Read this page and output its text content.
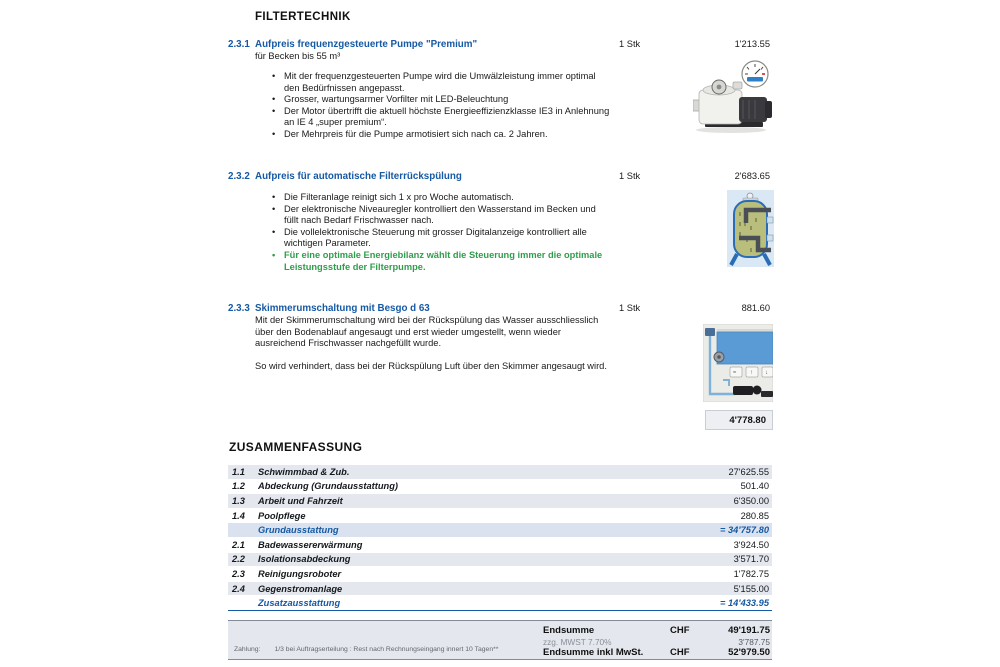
FILTERTECHNIK
2.3.1 Aufpreis frequenzgesteuerte Pumpe "Premium"
für Becken bis 55 m³
1 Stk	1'213.55
• Mit der frequenzgesteuerten Pumpe wird die Umwälzleistung immer optimal den Bedürfnissen angepasst.
• Grosser, wartungsarmer Vorfilter mit LED-Beleuchtung
• Der Motor übertrifft die aktuell höchste Energieeffizienzklasse IE3 in Anlehnung an IE 4 „super premium“.
• Der Mehrpreis für die Pumpe armotisiert sich nach ca. 2 Jahren.
2.3.2 Aufpreis für automatische Filterrückspülung	1 Stk	2'683.65
• Die Filteranlage reinigt sich 1 x pro Woche automatisch.
• Der elektronische Niveauregler kontrolliert den Wasserstand im Becken und füllt nach Bedarf Frischwasser nach.
• Die vollelektronische Steuerung mit grosser Digitalanzeige kontrolliert alle wichtigen Parameter.
• Für eine optimale Energiebilanz wählt die Steuerung immer die optimale Leistungsstufe der Filterpumpe.
2.3.3 Skimmerumschaltung mit Besgo d 63	1 Stk	881.60
Mit der Skimmerumschaltung wird bei der Rückspülung das Wasser ausschliesslich über den Bodenablauf angesaugt und erst wieder umgestellt, wenn wieder ausreichend Frischwasser nachgefüllt wurde.
So wird verhindert, dass bei der Rückspülung Luft über den Skimmer angesaugt wird.
≈ ↑ ↓
4'778.80
ZUSAMMENFASSUNG
1.1	Schwimmbad & Zub.	27'625.55
1.2	Abdeckung (Grundausstattung)	501.40
1.3	Arbeit und Fahrzeit	6'350.00
1.4	Poolpflege	280.85
Grundausstattung	= 34'757.80
2.1	Badewassererwärmung	3'924.50
2.2	Isolationsabdeckung	3'571.70
2.3	Reinigungsroboter	1'782.75
2.4	Gegenstromanlage	5'155.00
Zusatzausstattung	= 14'433.95
Zahlung: 1/3 bei Auftragserteilung : Rest nach Rechnungseingang innert 10 Tagen**
Endsumme	CHF	49'191.75
zzg. MWST 7.70%	3'787.75
Endsumme inkl MwSt.	CHF	52'979.50
